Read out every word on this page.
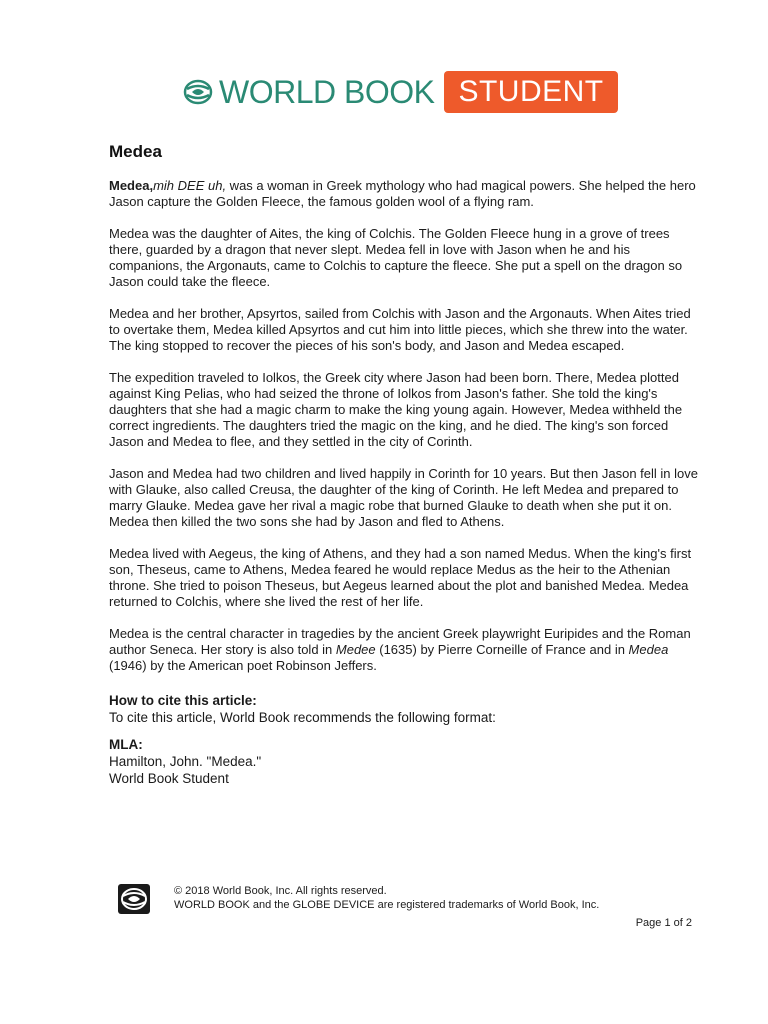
WORLD BOOK STUDENT
Medea

Medea,mih DEE uh, was a woman in Greek mythology who had magical powers. She helped the hero Jason capture the Golden Fleece, the famous golden wool of a flying ram.

Medea was the daughter of Aites, the king of Colchis. The Golden Fleece hung in a grove of trees there, guarded by a dragon that never slept. Medea fell in love with Jason when he and his companions, the Argonauts, came to Colchis to capture the fleece. She put a spell on the dragon so Jason could take the fleece.

Medea and her brother, Apsyrtos, sailed from Colchis with Jason and the Argonauts. When Aites tried to overtake them, Medea killed Apsyrtos and cut him into little pieces, which she threw into the water. The king stopped to recover the pieces of his son's body, and Jason and Medea escaped.

The expedition traveled to Iolkos, the Greek city where Jason had been born. There, Medea plotted against King Pelias, who had seized the throne of Iolkos from Jason's father. She told the king's daughters that she had a magic charm to make the king young again. However, Medea withheld the correct ingredients. The daughters tried the magic on the king, and he died. The king's son forced Jason and Medea to flee, and they settled in the city of Corinth.

Jason and Medea had two children and lived happily in Corinth for 10 years. But then Jason fell in love with Glauke, also called Creusa, the daughter of the king of Corinth. He left Medea and prepared to marry Glauke. Medea gave her rival a magic robe that burned Glauke to death when she put it on. Medea then killed the two sons she had by Jason and fled to Athens.

Medea lived with Aegeus, the king of Athens, and they had a son named Medus. When the king's first son, Theseus, came to Athens, Medea feared he would replace Medus as the heir to the Athenian throne. She tried to poison Theseus, but Aegeus learned about the plot and banished Medea. Medea returned to Colchis, where she lived the rest of her life.

Medea is the central character in tragedies by the ancient Greek playwright Euripides and the Roman author Seneca. Her story is also told in Medee (1635) by Pierre Corneille of France and in Medea (1946) by the American poet Robinson Jeffers.

How to cite this article:
To cite this article, World Book recommends the following format:
MLA:
Hamilton, John. "Medea."
World Book Student
© 2018 World Book, Inc. All rights reserved.
WORLD BOOK and the GLOBE DEVICE are registered trademarks of World Book, Inc.
Page 1 of 2
